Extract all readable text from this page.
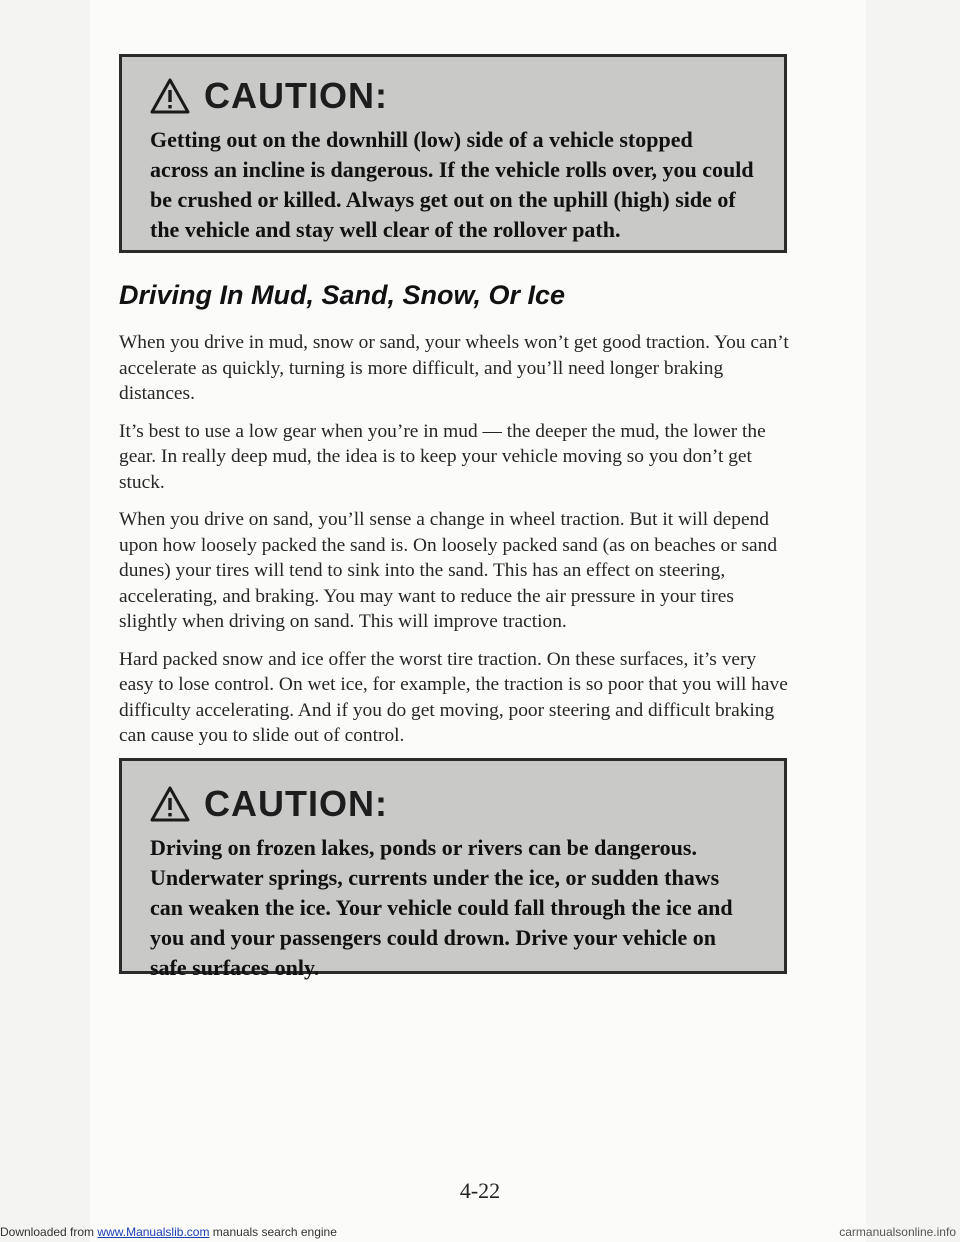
CAUTION:
Getting out on the downhill (low) side of a vehicle stopped across an incline is dangerous. If the vehicle rolls over, you could be crushed or killed. Always get out on the uphill (high) side of the vehicle and stay well clear of the rollover path.
Driving In Mud, Sand, Snow, Or Ice

When you drive in mud, snow or sand, your wheels won’t get good traction. You can’t accelerate as quickly, turning is more difficult, and you’ll need longer braking distances.

It’s best to use a low gear when you’re in mud — the deeper the mud, the lower the gear. In really deep mud, the idea is to keep your vehicle moving so you don’t get stuck.

When you drive on sand, you’ll sense a change in wheel traction. But it will depend upon how loosely packed the sand is. On loosely packed sand (as on beaches or sand dunes) your tires will tend to sink into the sand. This has an effect on steering, accelerating, and braking. You may want to reduce the air pressure in your tires slightly when driving on sand. This will improve traction.

Hard packed snow and ice offer the worst tire traction. On these surfaces, it’s very easy to lose control. On wet ice, for example, the traction is so poor that you will have difficulty accelerating. And if you do get moving, poor steering and difficult braking can cause you to slide out of control.

CAUTION:
Driving on frozen lakes, ponds or rivers can be dangerous. Underwater springs, currents under the ice, or sudden thaws can weaken the ice. Your vehicle could fall through the ice and you and your passengers could drown. Drive your vehicle on safe surfaces only.
4-22
Downloaded from www.Manualslib.com manuals search engine	carmanualsonline.info
